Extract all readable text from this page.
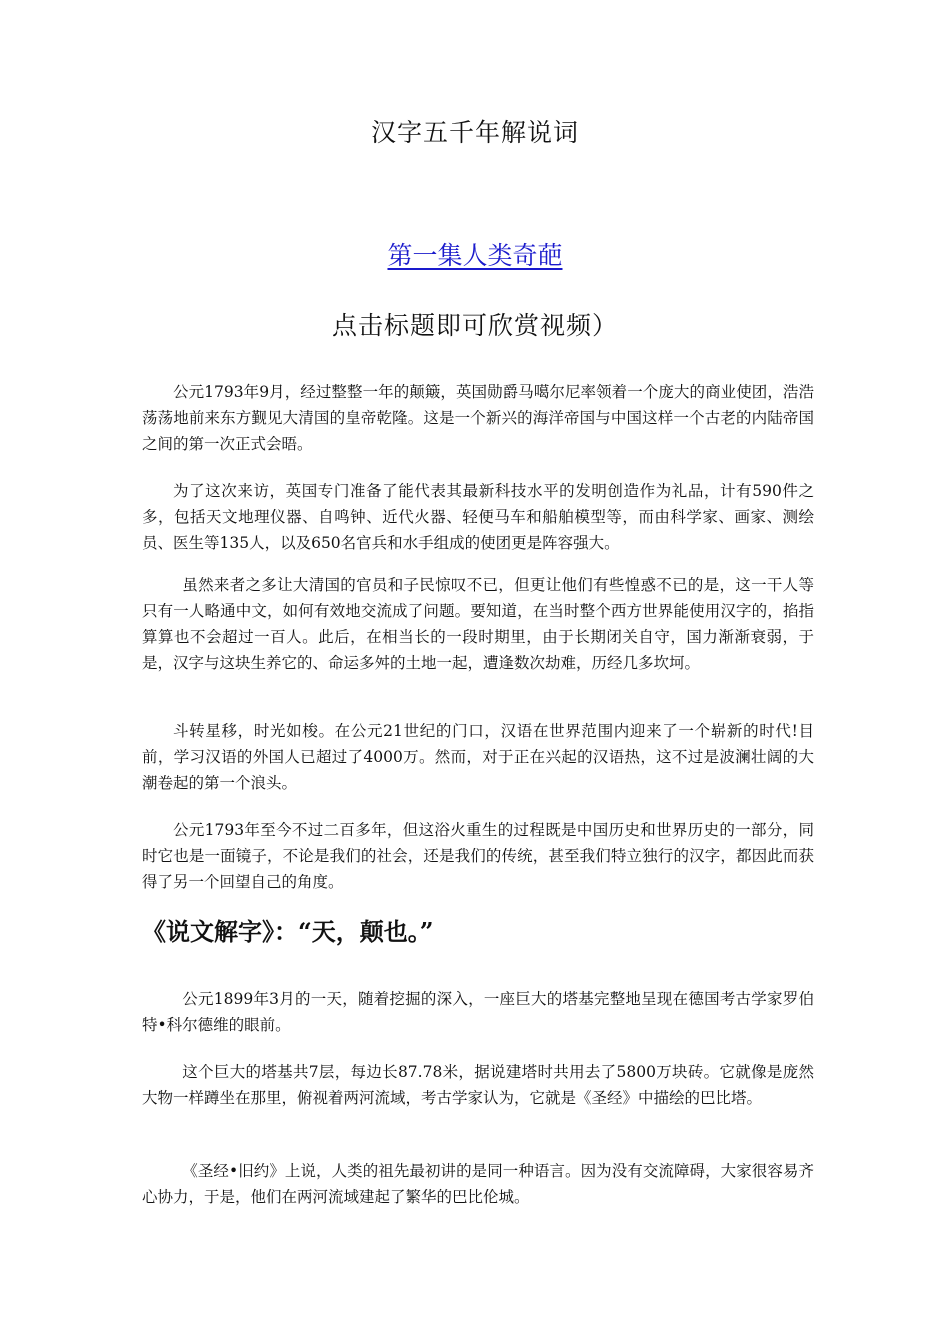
汉字五千年解说词
第一集人类奇葩
点击标题即可欣赏视频）

公元1793年9月，经过整整一年的颠簸，英国勋爵马噶尔尼率领着一个庞大的商业使团，浩浩荡荡地前来东方觐见大清国的皇帝乾隆。这是一个新兴的海洋帝国与中国这样一个古老的内陆帝国之间的第一次正式会晤。

为了这次来访，英国专门准备了能代表其最新科技水平的发明创造作为礼品，计有590件之多，包括天文地理仪器、自鸣钟、近代火器、轻便马车和船舶模型等，而由科学家、画家、测绘员、医生等135人，以及650名官兵和水手组成的使团更是阵容强大。

虽然来者之多让大清国的官员和子民惊叹不已，但更让他们有些惶惑不已的是，这一干人等只有一人略通中文，如何有效地交流成了问题。要知道，在当时整个西方世界能使用汉字的，掐指算算也不会超过一百人。此后，在相当长的一段时期里，由于长期闭关自守，国力渐渐衰弱，于是，汉字与这块生养它的、命运多舛的土地一起，遭逢数次劫难，历经几多坎坷。

斗转星移，时光如梭。在公元21世纪的门口，汉语在世界范围内迎来了一个崭新的时代!目前，学习汉语的外国人已超过了4000万。然而，对于正在兴起的汉语热，这不过是波澜壮阔的大潮卷起的第一个浪头。

公元1793年至今不过二百多年，但这浴火重生的过程既是中国历史和世界历史的一部分，同时它也是一面镜子，不论是我们的社会，还是我们的传统，甚至我们特立独行的汉字，都因此而获得了另一个回望自己的角度。

《说文解字》：“天，颠也。”

公元1899年3月的一天，随着挖掘的深入，一座巨大的塔基完整地呈现在德国考古学家罗伯特•科尔德维的眼前。

这个巨大的塔基共7层，每边长87.78米，据说建塔时共用去了5800万块砖。它就像是庞然大物一样蹲坐在那里，俯视着两河流域，考古学家认为，它就是《圣经》中描绘的巴比塔。

《圣经•旧约》上说，人类的祖先最初讲的是同一种语言。因为没有交流障碍，大家很容易齐心协力，于是，他们在两河流域建起了繁华的巴比伦城。
